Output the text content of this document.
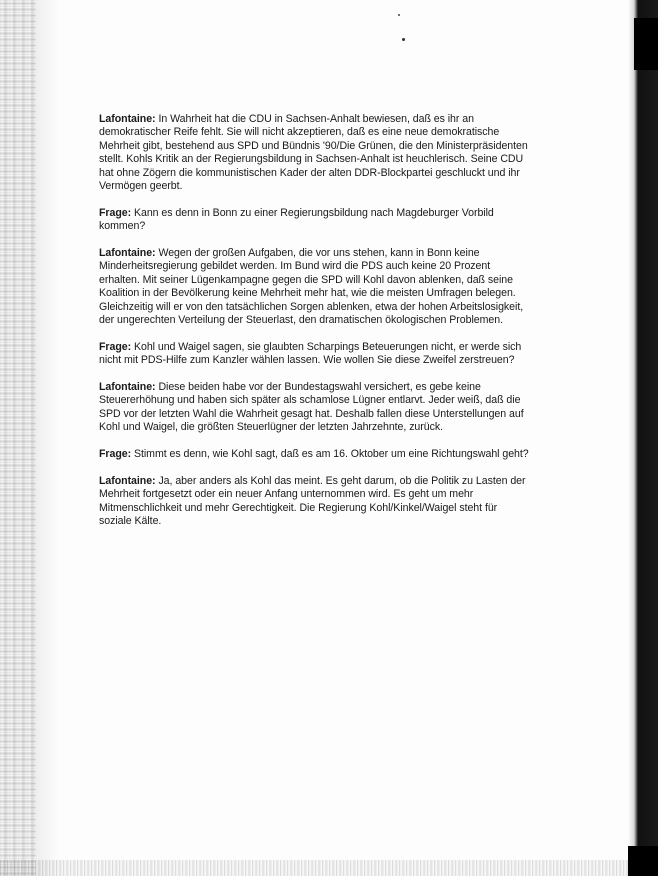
Lafontaine: In Wahrheit hat die CDU in Sachsen-Anhalt bewiesen, daß es ihr an demokratischer Reife fehlt. Sie will nicht akzeptieren, daß es eine neue demokratische Mehrheit gibt, bestehend aus SPD und Bündnis '90/Die Grünen, die den Ministerpräsidenten stellt. Kohls Kritik an der Regierungsbildung in Sachsen-Anhalt ist heuchlerisch. Seine CDU hat ohne Zögern die kommunistischen Kader der alten DDR-Blockpartei geschluckt und ihr Vermögen geerbt.

Frage: Kann es denn in Bonn zu einer Regierungsbildung nach Magdeburger Vorbild kommen?

Lafontaine: Wegen der großen Aufgaben, die vor uns stehen, kann in Bonn keine Minderheitsregierung gebildet werden. Im Bund wird die PDS auch keine 20 Prozent erhalten. Mit seiner Lügenkampagne gegen die SPD will Kohl davon ablenken, daß seine Koalition in der Bevölkerung keine Mehrheit mehr hat, wie die meisten Umfragen belegen. Gleichzeitig will er von den tatsächlichen Sorgen ablenken, etwa der hohen Arbeitslosigkeit, der ungerechten Verteilung der Steuerlast, den dramatischen ökologischen Problemen.

Frage: Kohl und Waigel sagen, sie glaubten Scharpings Beteuerungen nicht, er werde sich nicht mit PDS-Hilfe zum Kanzler wählen lassen. Wie wollen Sie diese Zweifel zerstreuen?

Lafontaine: Diese beiden habe vor der Bundestagswahl versichert, es gebe keine Steuererhöhung und haben sich später als schamlose Lügner entlarvt. Jeder weiß, daß die SPD vor der letzten Wahl die Wahrheit gesagt hat. Deshalb fallen diese Unterstellungen auf Kohl und Waigel, die größten Steuerlügner der letzten Jahrzehnte, zurück.

Frage: Stimmt es denn, wie Kohl sagt, daß es am 16. Oktober um eine Richtungswahl geht?

Lafontaine: Ja, aber anders als Kohl das meint. Es geht darum, ob die Politik zu Lasten der Mehrheit fortgesetzt oder ein neuer Anfang unternommen wird. Es geht um mehr Mitmenschlichkeit und mehr Gerechtigkeit. Die Regierung Kohl/Kinkel/Waigel steht für soziale Kälte.
